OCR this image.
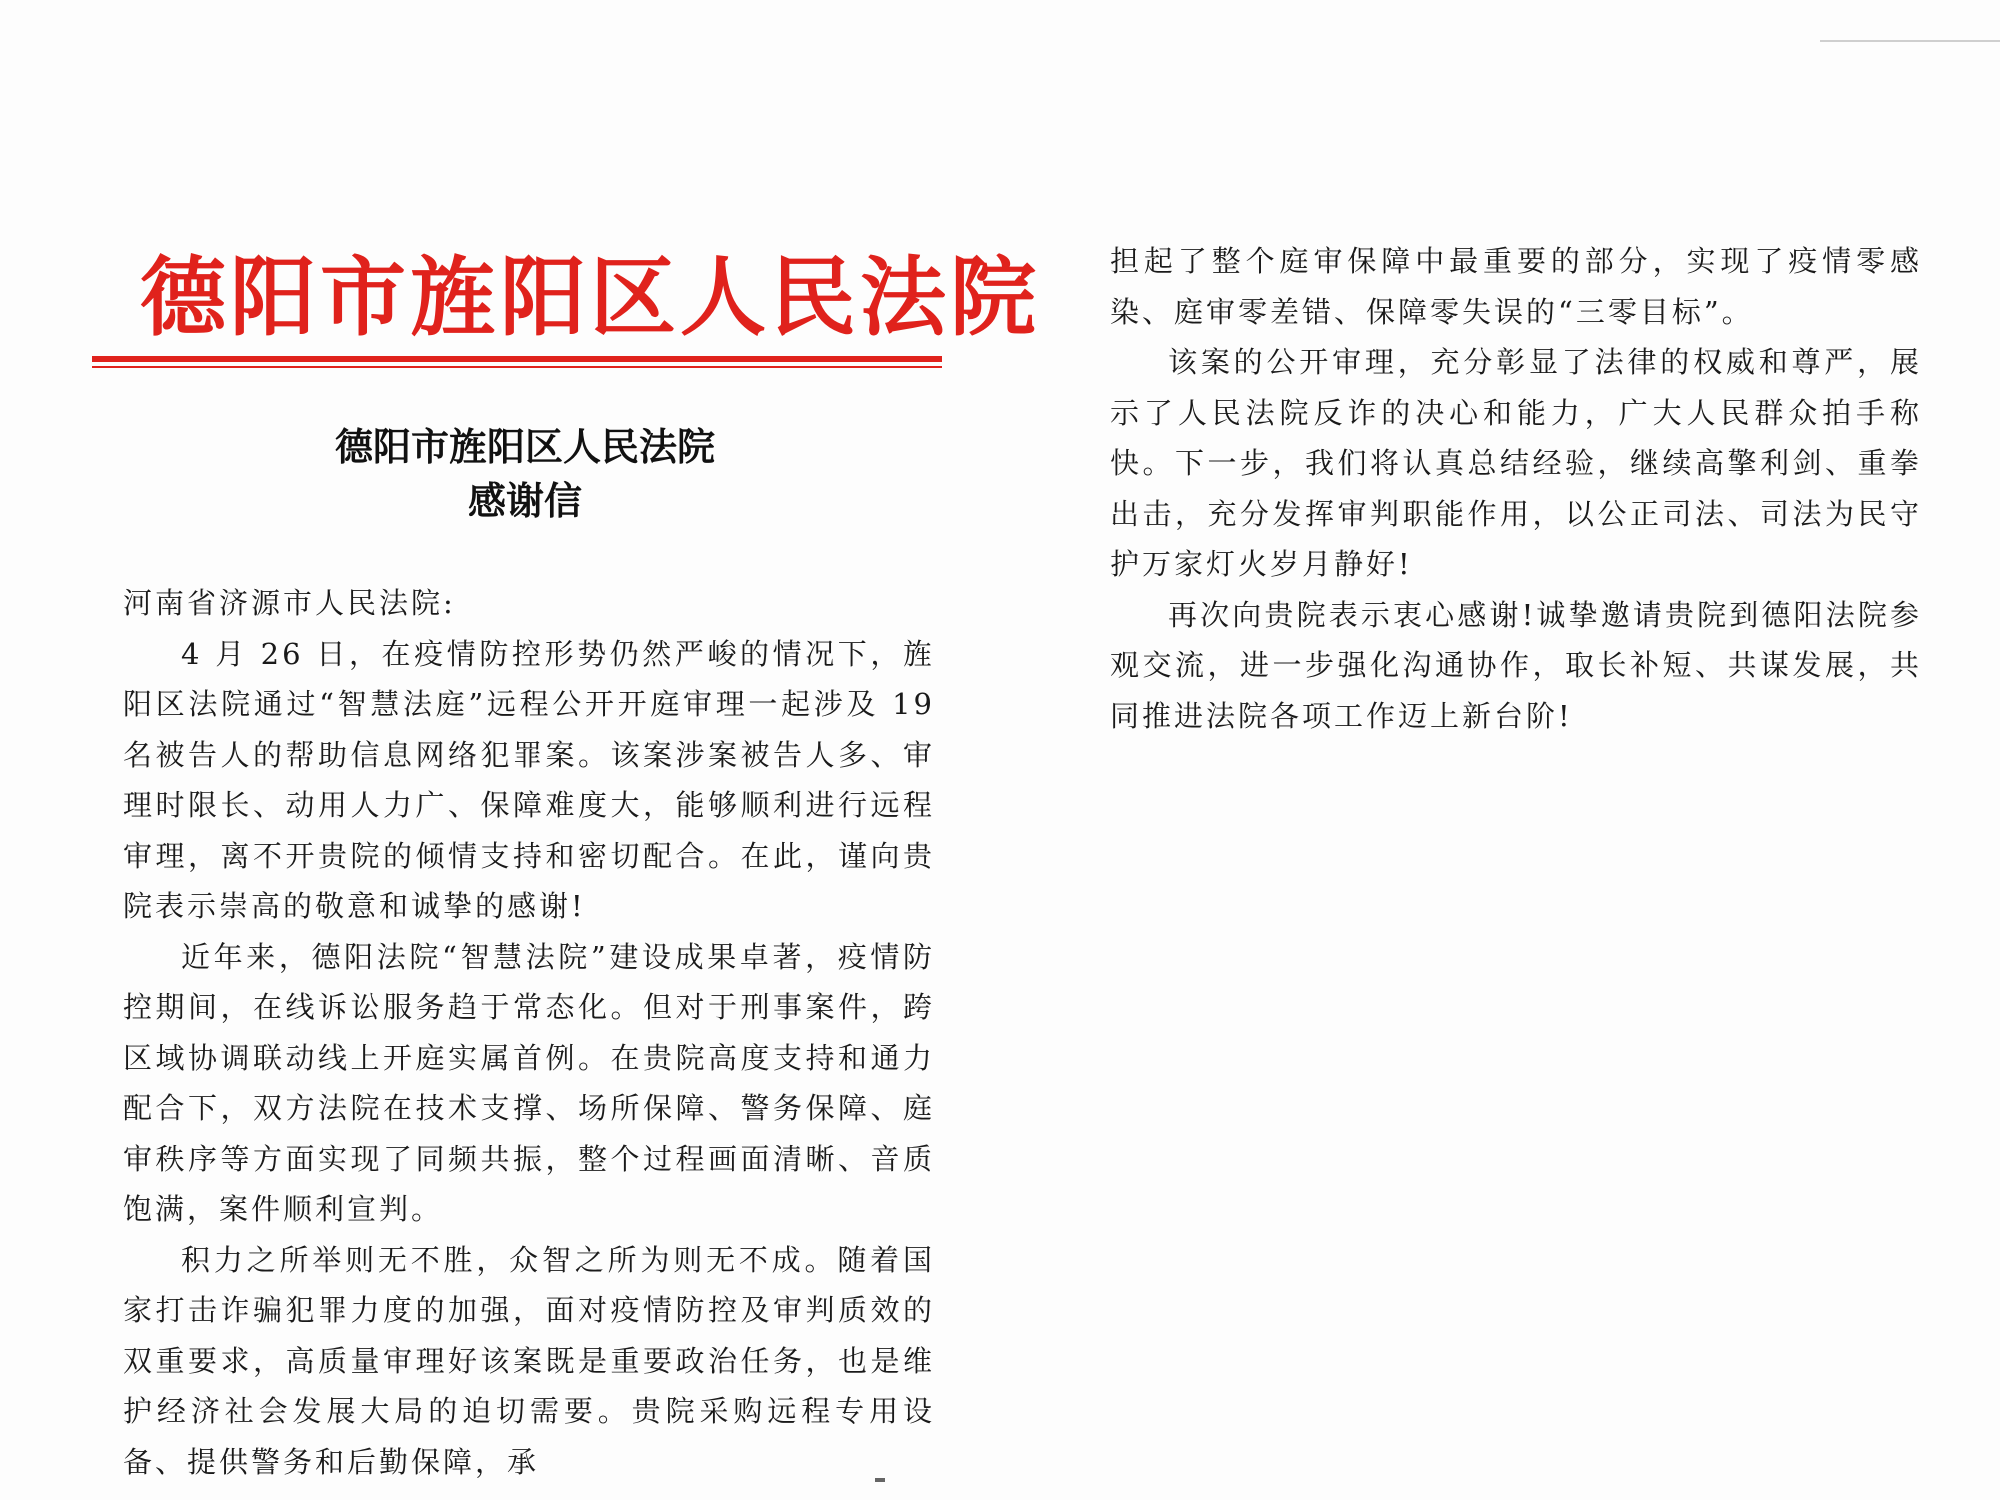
德阳市旌阳区人民法院
德阳市旌阳区人民法院
感谢信

河南省济源市人民法院:

4 月 26 日，在疫情防控形势仍然严峻的情况下，旌阳区法院通过“智慧法庭”远程公开开庭审理一起涉及 19 名被告人的帮助信息网络犯罪案。该案涉案被告人多、审理时限长、动用人力广、保障难度大，能够顺利进行远程审理，离不开贵院的倾情支持和密切配合。在此，谨向贵院表示崇高的敬意和诚挚的感谢!

近年来，德阳法院“智慧法院”建设成果卓著，疫情防控期间，在线诉讼服务趋于常态化。但对于刑事案件，跨区域协调联动线上开庭实属首例。在贵院高度支持和通力配合下，双方法院在技术支撑、场所保障、警务保障、庭审秩序等方面实现了同频共振，整个过程画面清晰、音质饱满，案件顺利宣判。

积力之所举则无不胜，众智之所为则无不成。随着国家打击诈骗犯罪力度的加强，面对疫情防控及审判质效的双重要求，高质量审理好该案既是重要政治任务，也是维护经济社会发展大局的迫切需要。贵院采购远程专用设备、提供警务和后勤保障，承

担起了整个庭审保障中最重要的部分，实现了疫情零感染、庭审零差错、保障零失误的“三零目标”。

该案的公开审理，充分彰显了法律的权威和尊严，展示了人民法院反诈的决心和能力，广大人民群众拍手称快。下一步，我们将认真总结经验，继续高擎利剑、重拳出击，充分发挥审判职能作用，以公正司法、司法为民守护万家灯火岁月静好!

再次向贵院表示衷心感谢!诚挚邀请贵院到德阳法院参观交流，进一步强化沟通协作，取长补短、共谋发展，共同推进法院各项工作迈上新台阶!
